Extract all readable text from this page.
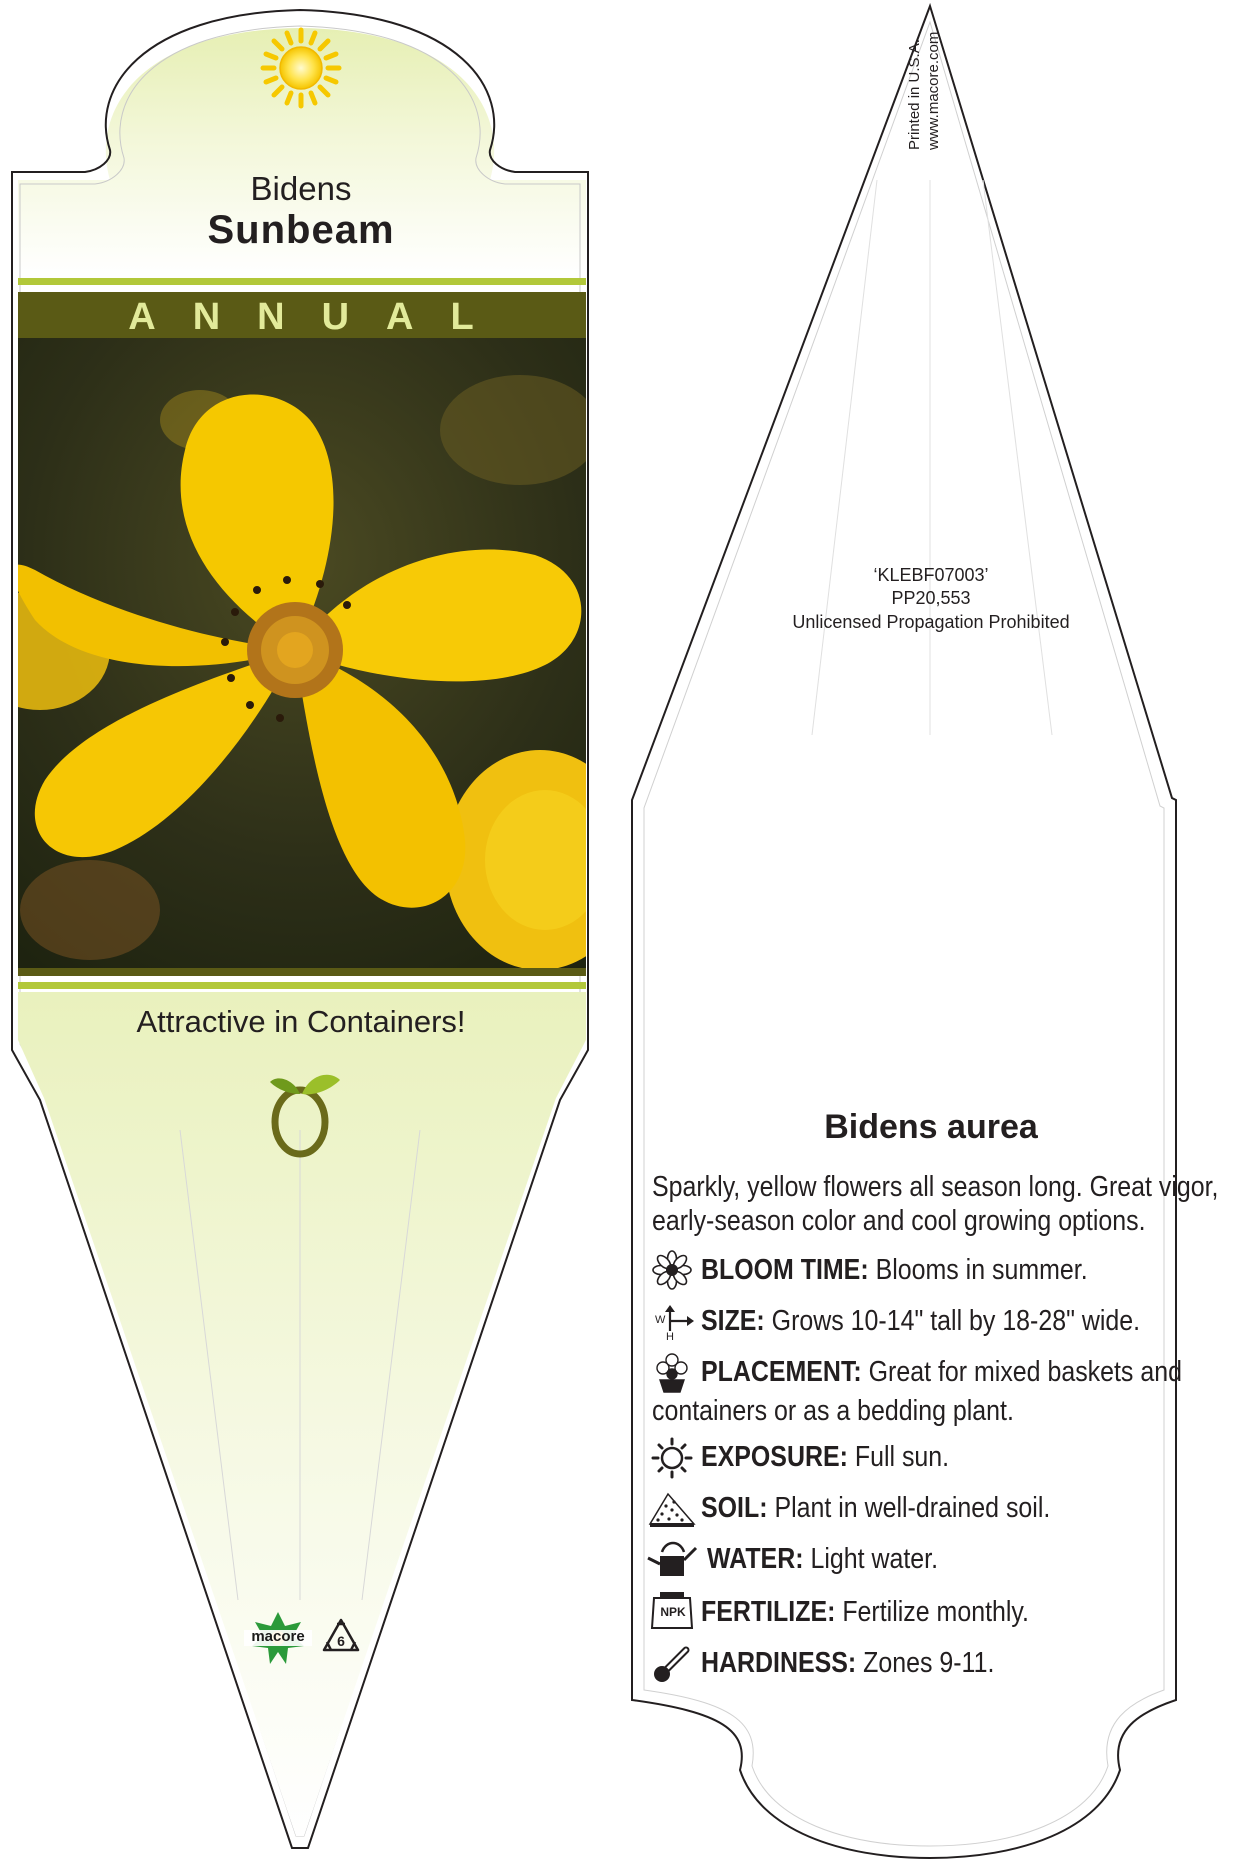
Bidens
Sunbeam
ANNUAL
Attractive in Containers!
macore	6
Printed in U.S.A. www.macore.com
‘KLEBF07003’
PP20,553
Unlicensed Propagation Prohibited
Bidens aurea
Sparkly, yellow flowers all season long. Great vigor,
early-season color and cool growing options.
BLOOM TIME: Blooms in summer.
W
H SIZE: Grows 10-14" tall by 18-28" wide.
PLACEMENT: Great for mixed baskets and
containers or as a bedding plant.
EXPOSURE: Full sun.
SOIL: Plant in well-drained soil.
WATER: Light water.
NPK FERTILIZE: Fertilize monthly.
HARDINESS: Zones 9-11.
